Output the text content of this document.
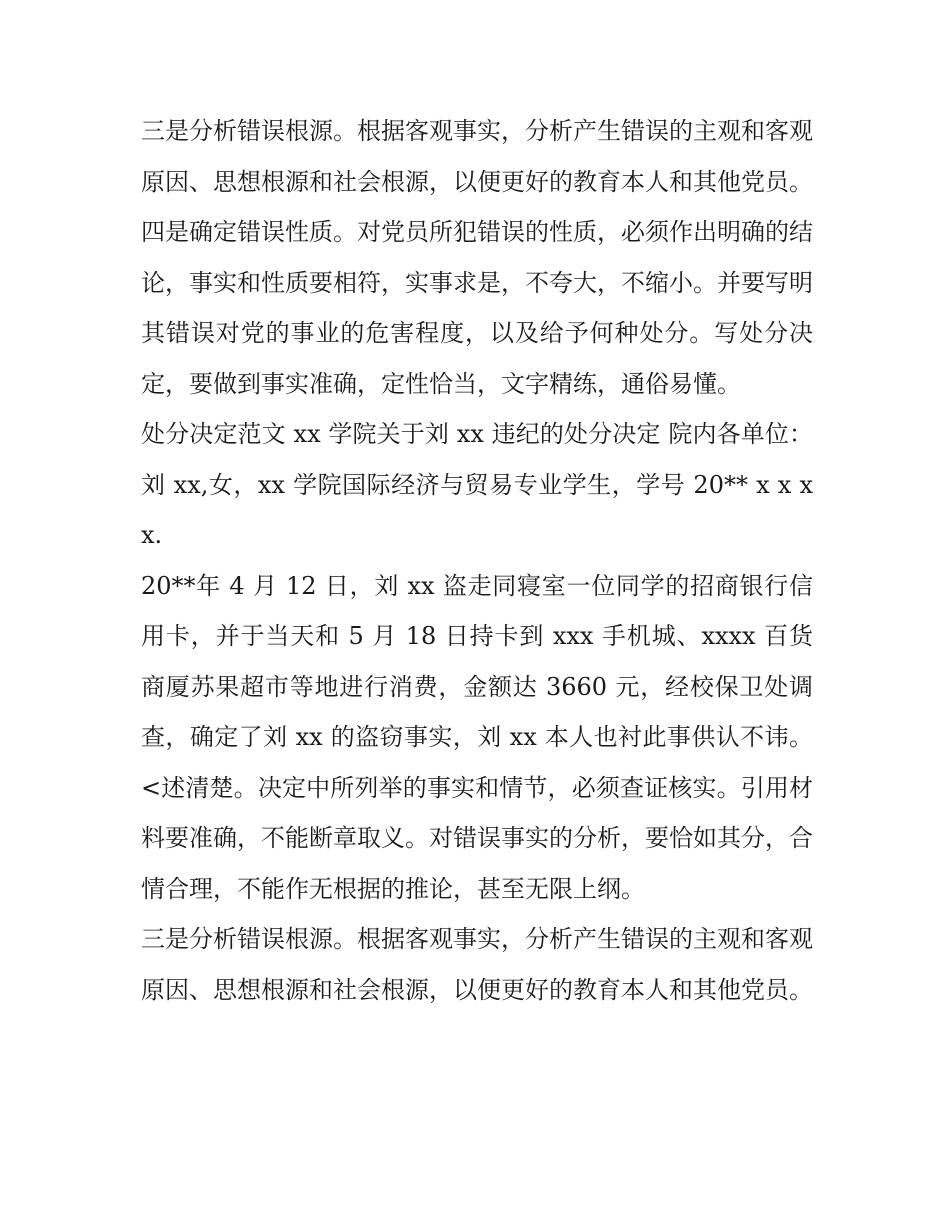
三是分析错误根源。根据客观事实，分析产生错误的主观和客观原因、思想根源和社会根源，以便更好的教育本人和其他党员。

四是确定错误性质。对党员所犯错误的性质，必须作出明确的结论，事实和性质要相符，实事求是，不夸大，不缩小。并要写明其错误对党的事业的危害程度，以及给予何种处分。写处分决定，要做到事实准确，定性恰当，文字精练，通俗易懂。

处分决定范文 xx 学院关于刘 xx 违纪的处分决定 院内各单位： 刘 xx,女，xx 学院国际经济与贸易专业学生，学号 20** x x x x.

20**年 4 月 12 日，刘 xx 盗走同寝室一位同学的招商银行信用卡，并于当天和 5 月 18 日持卡到 xxx 手机城、xxxx 百货商厦苏果超市等地进行消费，金额达 3660 元，经校保卫处调查，确定了刘 xx 的盗窃事实，刘 xx 本人也衬此事供认不讳。<述清楚。决定中所列举的事实和情节，必须查证核实。引用材料要准确，不能断章取义。对错误事实的分析，要恰如其分，合情合理，不能作无根据的推论，甚至无限上纲。

三是分析错误根源。根据客观事实，分析产生错误的主观和客观原因、思想根源和社会根源，以便更好的教育本人和其他党员。
